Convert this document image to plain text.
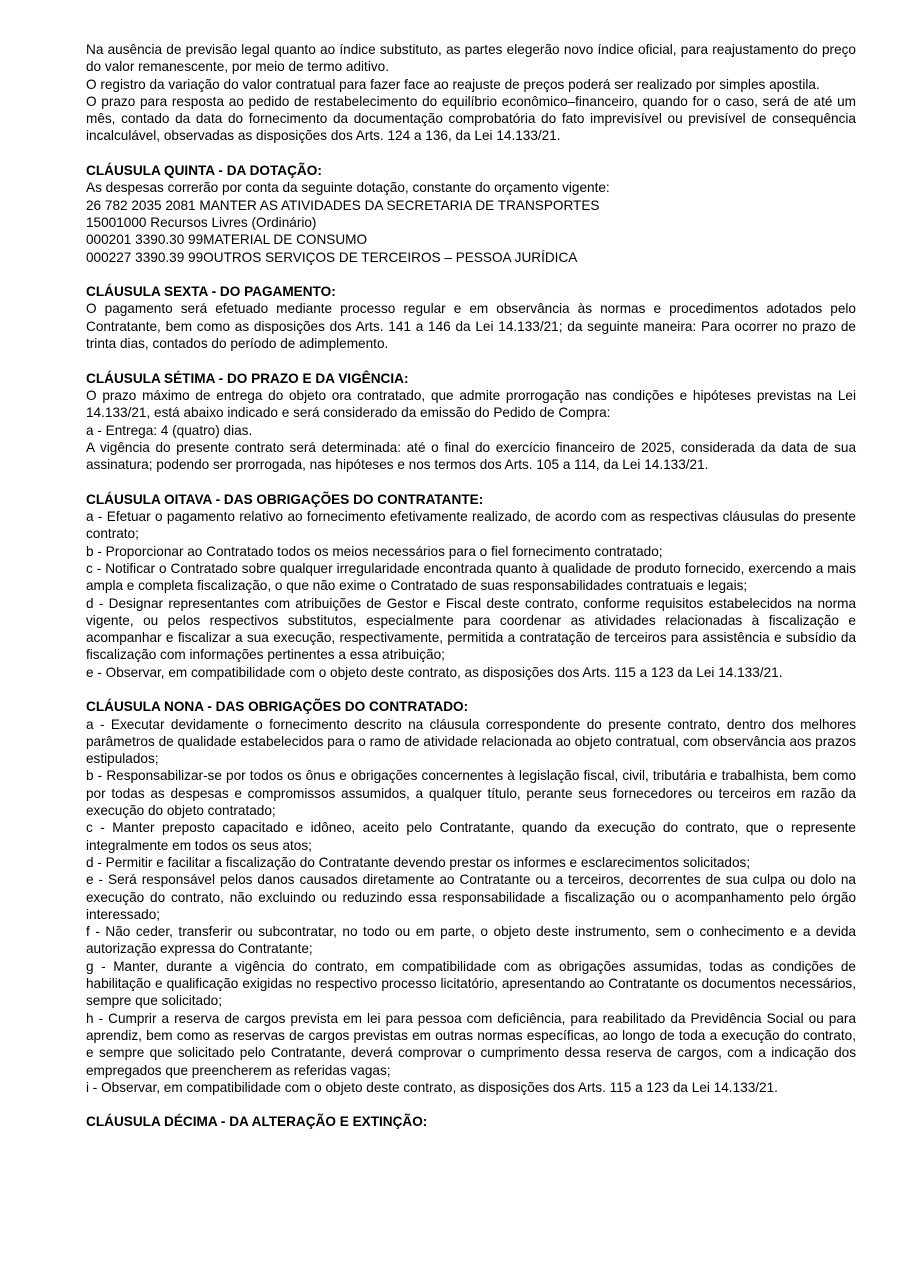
Na ausência de previsão legal quanto ao índice substituto, as partes elegerão novo índice oficial, para reajustamento do preço do valor remanescente, por meio de termo aditivo.

O registro da variação do valor contratual para fazer face ao reajuste de preços poderá ser realizado por simples apostila.

O prazo para resposta ao pedido de restabelecimento do equilíbrio econômico–financeiro, quando for o caso, será de até um mês, contado da data do fornecimento da documentação comprobatória do fato imprevisível ou previsível de consequência incalculável, observadas as disposições dos Arts. 124 a 136, da Lei 14.133/21.

CLÁUSULA QUINTA - DA DOTAÇÃO:

As despesas correrão por conta da seguinte dotação, constante do orçamento vigente:

26 782 2035 2081 MANTER AS ATIVIDADES DA SECRETARIA DE TRANSPORTES

15001000 Recursos Livres (Ordinário)

000201 3390.30 99MATERIAL DE CONSUMO

000227 3390.39 99OUTROS SERVIÇOS DE TERCEIROS – PESSOA JURÍDICA

CLÁUSULA SEXTA - DO PAGAMENTO:

O pagamento será efetuado mediante processo regular e em observância às normas e procedimentos adotados pelo Contratante, bem como as disposições dos Arts. 141 a 146 da Lei 14.133/21; da seguinte maneira: Para ocorrer no prazo de trinta dias, contados do período de adimplemento.

CLÁUSULA SÉTIMA - DO PRAZO E DA VIGÊNCIA:

O prazo máximo de entrega do objeto ora contratado, que admite prorrogação nas condições e hipóteses previstas na Lei 14.133/21, está abaixo indicado e será considerado da emissão do Pedido de Compra:

a - Entrega: 4 (quatro) dias.

A vigência do presente contrato será determinada: até o final do exercício financeiro de 2025, considerada da data de sua assinatura; podendo ser prorrogada, nas hipóteses e nos termos dos Arts. 105 a 114, da Lei 14.133/21.

CLÁUSULA OITAVA - DAS OBRIGAÇÕES DO CONTRATANTE:

a - Efetuar o pagamento relativo ao fornecimento efetivamente realizado, de acordo com as respectivas cláusulas do presente contrato;

b - Proporcionar ao Contratado todos os meios necessários para o fiel fornecimento contratado;

c - Notificar o Contratado sobre qualquer irregularidade encontrada quanto à qualidade de produto fornecido, exercendo a mais ampla e completa fiscalização, o que não exime o Contratado de suas responsabilidades contratuais e legais;

d - Designar representantes com atribuições de Gestor e Fiscal deste contrato, conforme requisitos estabelecidos na norma vigente, ou pelos respectivos substitutos, especialmente para coordenar as atividades relacionadas à fiscalização e acompanhar e fiscalizar a sua execução, respectivamente, permitida a contratação de terceiros para assistência e subsídio da fiscalização com informações pertinentes a essa atribuição;

e - Observar, em compatibilidade com o objeto deste contrato, as disposições dos Arts. 115 a 123 da Lei 14.133/21.

CLÁUSULA NONA - DAS OBRIGAÇÕES DO CONTRATADO:

a - Executar devidamente o fornecimento descrito na cláusula correspondente do presente contrato, dentro dos melhores parâmetros de qualidade estabelecidos para o ramo de atividade relacionada ao objeto contratual, com observância aos prazos estipulados;

b - Responsabilizar-se por todos os ônus e obrigações concernentes à legislação fiscal, civil, tributária e trabalhista, bem como por todas as despesas e compromissos assumidos, a qualquer título, perante seus fornecedores ou terceiros em razão da execução do objeto contratado;

c - Manter preposto capacitado e idôneo, aceito pelo Contratante, quando da execução do contrato, que o represente integralmente em todos os seus atos;

d - Permitir e facilitar a fiscalização do Contratante devendo prestar os informes e esclarecimentos solicitados;

e - Será responsável pelos danos causados diretamente ao Contratante ou a terceiros, decorrentes de sua culpa ou dolo na execução do contrato, não excluindo ou reduzindo essa responsabilidade a fiscalização ou o acompanhamento pelo órgão interessado;

f - Não ceder, transferir ou subcontratar, no todo ou em parte, o objeto deste instrumento, sem o conhecimento e a devida autorização expressa do Contratante;

g - Manter, durante a vigência do contrato, em compatibilidade com as obrigações assumidas, todas as condições de habilitação e qualificação exigidas no respectivo processo licitatório, apresentando ao Contratante os documentos necessários, sempre que solicitado;

h - Cumprir a reserva de cargos prevista em lei para pessoa com deficiência, para reabilitado da Previdência Social ou para aprendiz, bem como as reservas de cargos previstas em outras normas específicas, ao longo de toda a execução do contrato, e sempre que solicitado pelo Contratante, deverá comprovar o cumprimento dessa reserva de cargos, com a indicação dos empregados que preencherem as referidas vagas;

i - Observar, em compatibilidade com o objeto deste contrato, as disposições dos Arts. 115 a 123 da Lei 14.133/21.

CLÁUSULA DÉCIMA - DA ALTERAÇÃO E EXTINÇÃO:
